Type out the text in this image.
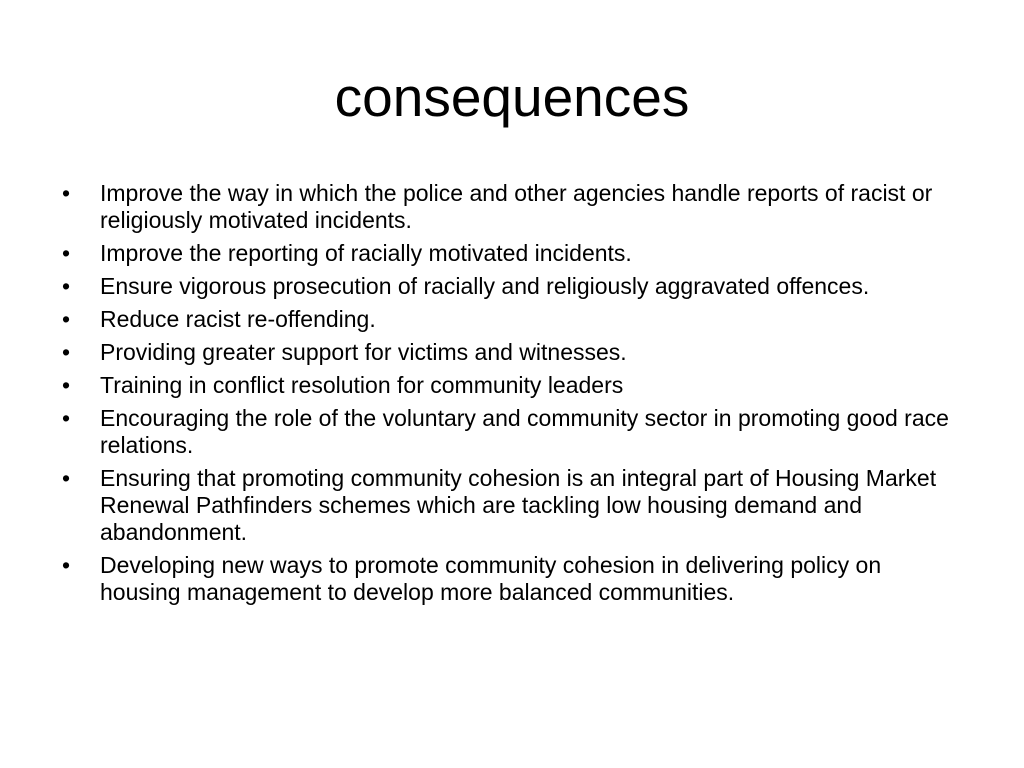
consequences
•	Improve the way in which the police and other agencies handle reports of racist or religiously motivated incidents.
•	Improve the reporting of racially motivated incidents.
•	Ensure vigorous prosecution of racially and religiously aggravated offences.
•	Reduce racist re-offending.
•	Providing greater support for victims and witnesses.
•	Training in conflict resolution for community leaders
•	Encouraging the role of the voluntary and community sector in promoting good race relations.
•	Ensuring that promoting community cohesion is an integral part of Housing Market Renewal Pathfinders schemes which are tackling low housing demand and abandonment.
•	Developing new ways to promote community cohesion in delivering policy on housing management to develop more balanced communities.
